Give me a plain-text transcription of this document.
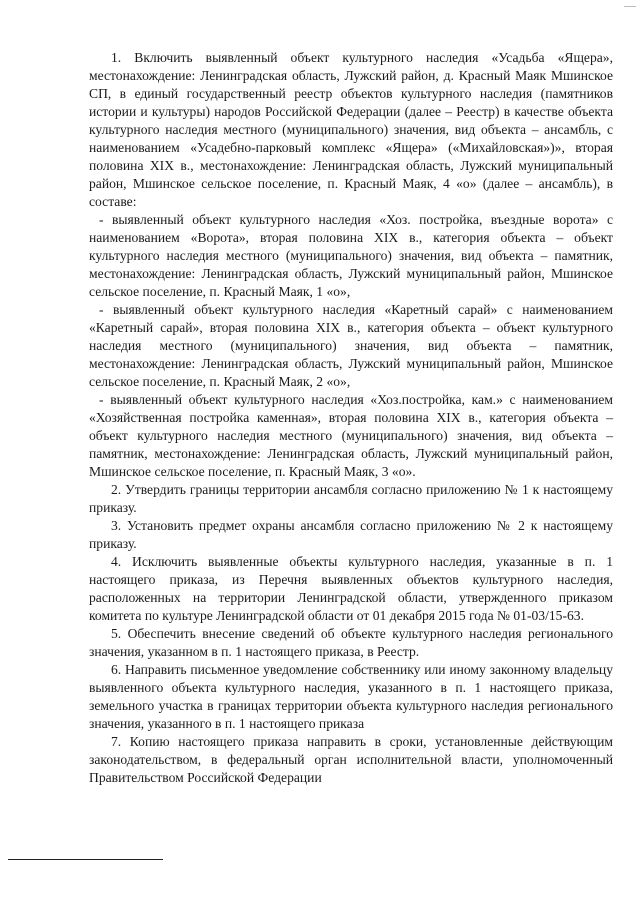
1. Включить выявленный объект культурного наследия «Усадьба «Ящера», местонахождение: Ленинградская область, Лужский район, д. Красный Маяк Мшинское СП, в единый государственный реестр объектов культурного наследия (памятников истории и культуры) народов Российской Федерации (далее – Реестр) в качестве объекта культурного наследия местного (муниципального) значения, вид объекта – ансамбль, с наименованием «Усадебно-парковый комплекс «Ящера» («Михайловская»)», вторая половина XIX в., местонахождение: Ленинградская область, Лужский муниципальный район, Мшинское сельское поселение, п. Красный Маяк, 4 «о» (далее – ансамбль), в составе:

- выявленный объект культурного наследия «Хоз. постройка, въездные ворота» с наименованием «Ворота», вторая половина XIX в., категория объекта – объект культурного наследия местного (муниципального) значения, вид объекта – памятник, местонахождение: Ленинградская область, Лужский муниципальный район, Мшинское сельское поселение, п. Красный Маяк, 1 «о»,

- выявленный объект культурного наследия «Каретный сарай» с наименованием «Каретный сарай», вторая половина XIX в., категория объекта – объект культурного наследия местного (муниципального) значения, вид объекта – памятник, местонахождение: Ленинградская область, Лужский муниципальный район, Мшинское сельское поселение, п. Красный Маяк, 2 «о»,

- выявленный объект культурного наследия «Хоз.постройка, кам.» с наименованием «Хозяйственная постройка каменная», вторая половина XIX в., категория объекта – объект культурного наследия местного (муниципального) значения, вид объекта – памятник, местонахождение: Ленинградская область, Лужский муниципальный район, Мшинское сельское поселение, п. Красный Маяк, 3 «о».

2. Утвердить границы территории ансамбля согласно приложению № 1 к настоящему приказу.

3. Установить предмет охраны ансамбля согласно приложению № 2 к настоящему приказу.

4. Исключить выявленные объекты культурного наследия, указанные в п. 1 настоящего приказа, из Перечня выявленных объектов культурного наследия, расположенных на территории Ленинградской области, утвержденного приказом комитета по культуре Ленинградской области от 01 декабря 2015 года № 01-03/15-63.

5. Обеспечить внесение сведений об объекте культурного наследия регионального значения, указанном в п. 1 настоящего приказа, в Реестр.

6. Направить письменное уведомление собственнику или иному законному владельцу выявленного объекта культурного наследия, указанного в п. 1 настоящего приказа, земельного участка в границах территории объекта культурного наследия регионального значения, указанного в п. 1 настоящего приказа

7. Копию настоящего приказа направить в сроки, установленные действующим законодательством, в федеральный орган исполнительной власти, уполномоченный Правительством Российской Федерации
